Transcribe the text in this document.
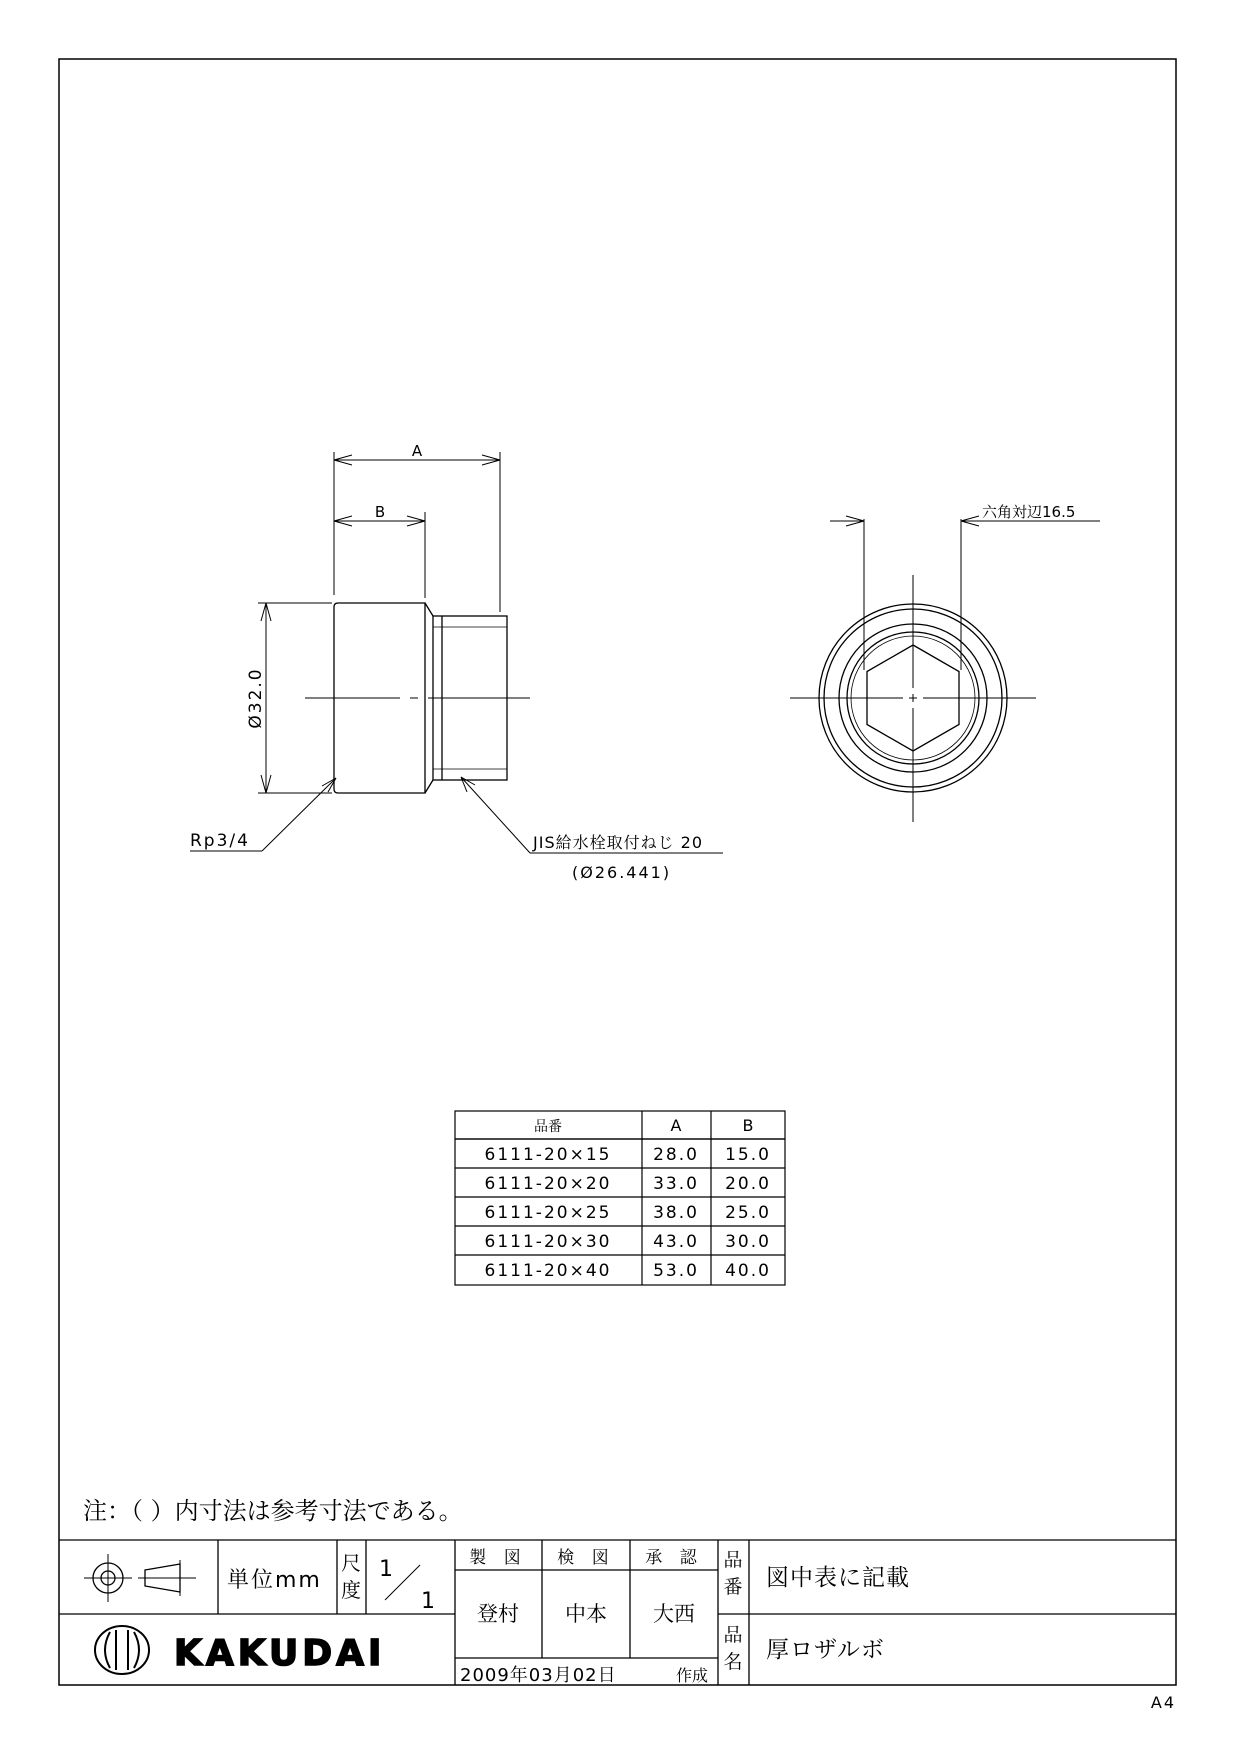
A
B
Ø32.0
Rp3/4	JIS給水栓取付ねじ 20
(Ø26.441)
六角対辺16.5
品番	A	B
6111-20×15 28.0 15.0
6111-20×20 33.0 20.0
6111-20×25 38.0 25.0
6111-20×30 43.0 30.0
6111-20×40 53.0 40.0
注：（ ）内寸法は参考寸法である。
単位mm
尺
度
1
1
製 図 検 図 承 認
登村 中本 大西
品
番 図中表に記載
品
名 厚ロザルボ
KAKUDAI
2009年03月02日	作成
A4
